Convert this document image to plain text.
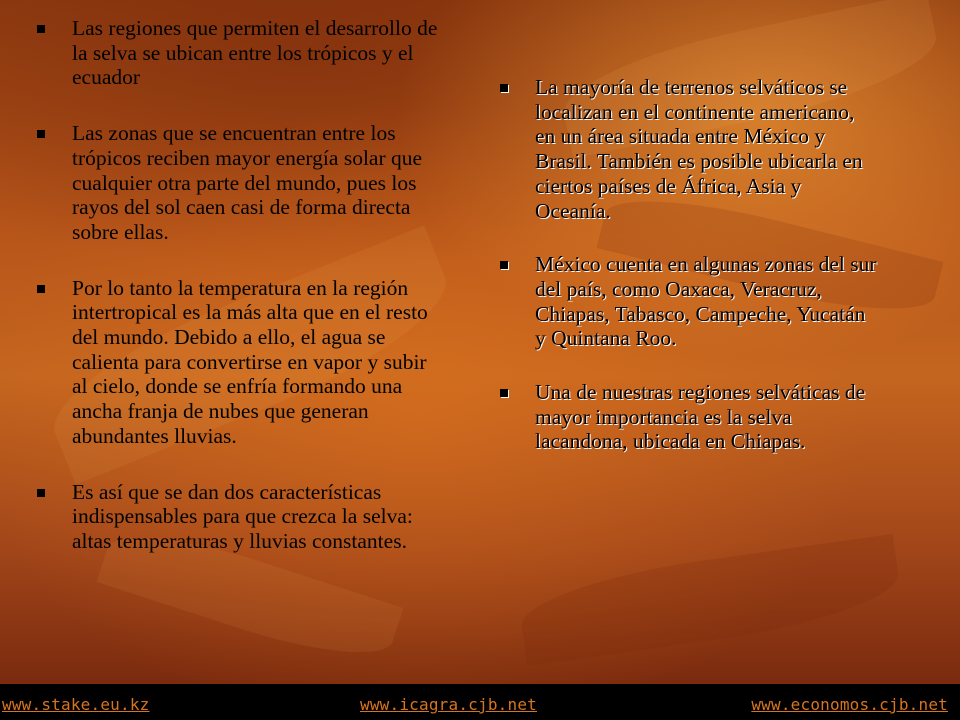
Las regiones que permiten el desarrollo de la selva se ubican entre los trópicos y el ecuador
Las zonas que se encuentran entre los trópicos reciben mayor energía solar que cualquier otra parte del mundo, pues los rayos del sol caen casi de forma directa sobre ellas.
Por lo tanto la temperatura en la región intertropical es la más alta que en el resto del mundo. Debido a ello, el agua se calienta para convertirse en vapor y subir al cielo, donde se enfría formando una ancha franja de nubes que generan abundantes lluvias.
Es así que se dan dos características indispensables para que crezca la selva: altas temperaturas y lluvias constantes.
La mayoría de terrenos selváticos se localizan en el continente americano, en un área situada entre México y Brasil. También es posible ubicarla en ciertos países de África, Asia y Oceanía.
México cuenta en algunas zonas del sur del país, como Oaxaca, Veracruz, Chiapas, Tabasco, Campeche, Yucatán y Quintana Roo.
Una de nuestras regiones selváticas de mayor importancia es la selva lacandona, ubicada en Chiapas.
www.stake.eu.kz	www.icagra.cjb.net	www.economos.cjb.net
